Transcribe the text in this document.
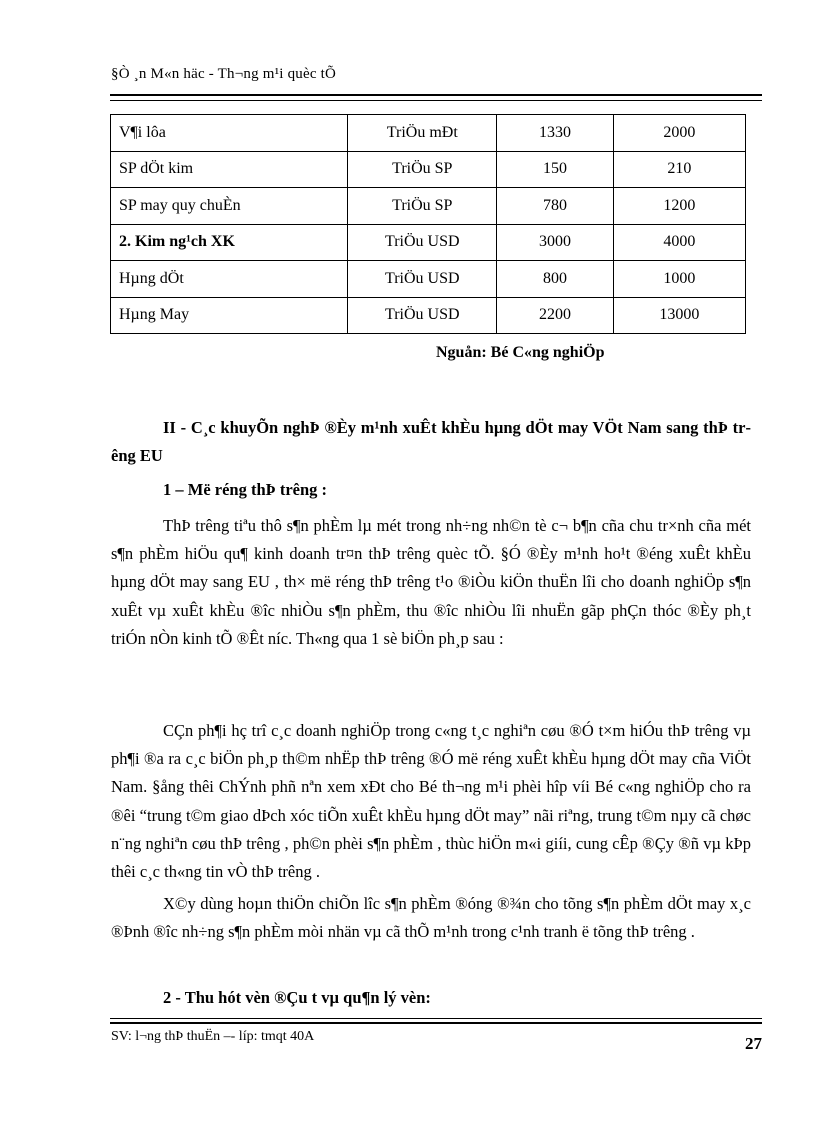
§Ò ¸n M«n häc - Th¬ng m¹i quèc tÕ
V¶i lôa	TriÖu mÐt	1330	2000
SP dÖt kim	TriÖu SP	150	210
SP may quy chuÈn	TriÖu SP	780	1200
2. Kim ng¹ch XK	TriÖu USD	3000	4000
Hµng dÖt	TriÖu USD	800	1000
Hµng May	TriÖu USD	2200	13000
Nguån: Bé C«ng nghiÖp
II - C¸c khuyÕn nghÞ ®Èy m¹nh xuÊt khÈu hµng dÖt may VÖt Nam sang thÞ trêng EU
1 – Më réng thÞ trêng :
ThÞ trêng tiªu thô s¶n phÈm lµ mét trong nh÷ng nh©n tè c¬ b¶n cña chu tr×nh cña mét s¶n phÈm hiÖu qu¶ kinh doanh tr¤n thÞ trêng quèc tÕ. §Ó ®Èy m¹nh ho¹t ®éng xuÊt khÈu hµng dÖt may sang EU , th× më réng thÞ trêng t¹o ®iÒu kiÖn thuËn lîi cho doanh nghiÖp s¶n xuÊt vµ xuÊt khÈu ®îc nhiÒu s¶n phÈm, thu ®îc nhiÒu lîi nhuËn gãp phÇn thóc ®Èy ph¸t triÓn nÒn kinh tÕ ®Êt níc. Th«ng qua 1 sè biÖn ph¸p sau :
CÇn ph¶i hç trî c¸c doanh nghiÖp trong c«ng t¸c nghiªn cøu ®Ó t×m hiÓu thÞ trêng vµ ph¶i ®a ra c¸c biÖn ph¸p th©m nhËp thÞ trêng ®Ó më réng xuÊt khÈu hµng dÖt may cña ViÖt Nam. §ång thêi ChÝnh phñ nªn xem xÐt cho Bé th¬ng m¹i phèi hîp víi Bé c«ng nghiÖp cho ra ®êi “trung t©m giao dÞch xóc tiÕn xuÊt khÈu hµng dÖt may” nãi riªng, trung t©m nµy cã chøc n¨ng nghiªn cøu thÞ trêng , ph©n phèi s¶n phÈm , thùc hiÖn m«i giíi, cung cÊp ®Çy ®ñ vµ kÞp thêi c¸c th«ng tin vÒ thÞ trêng .
X©y dùng hoµn thiÖn chiÕn lîc s¶n phÈm ®óng ®¾n cho tõng s¶n phÈm dÖt may x¸c ®Þnh ®îc nh÷ng s¶n phÈm mòi nhän vµ cã thÕ m¹nh trong c¹nh tranh ë tõng thÞ trêng .
2 - Thu hót vèn ®Çu t vµ qu¶n lý vèn:
SV: l¬ng thÞ thuËn –- líp: tmqt 40A	27
